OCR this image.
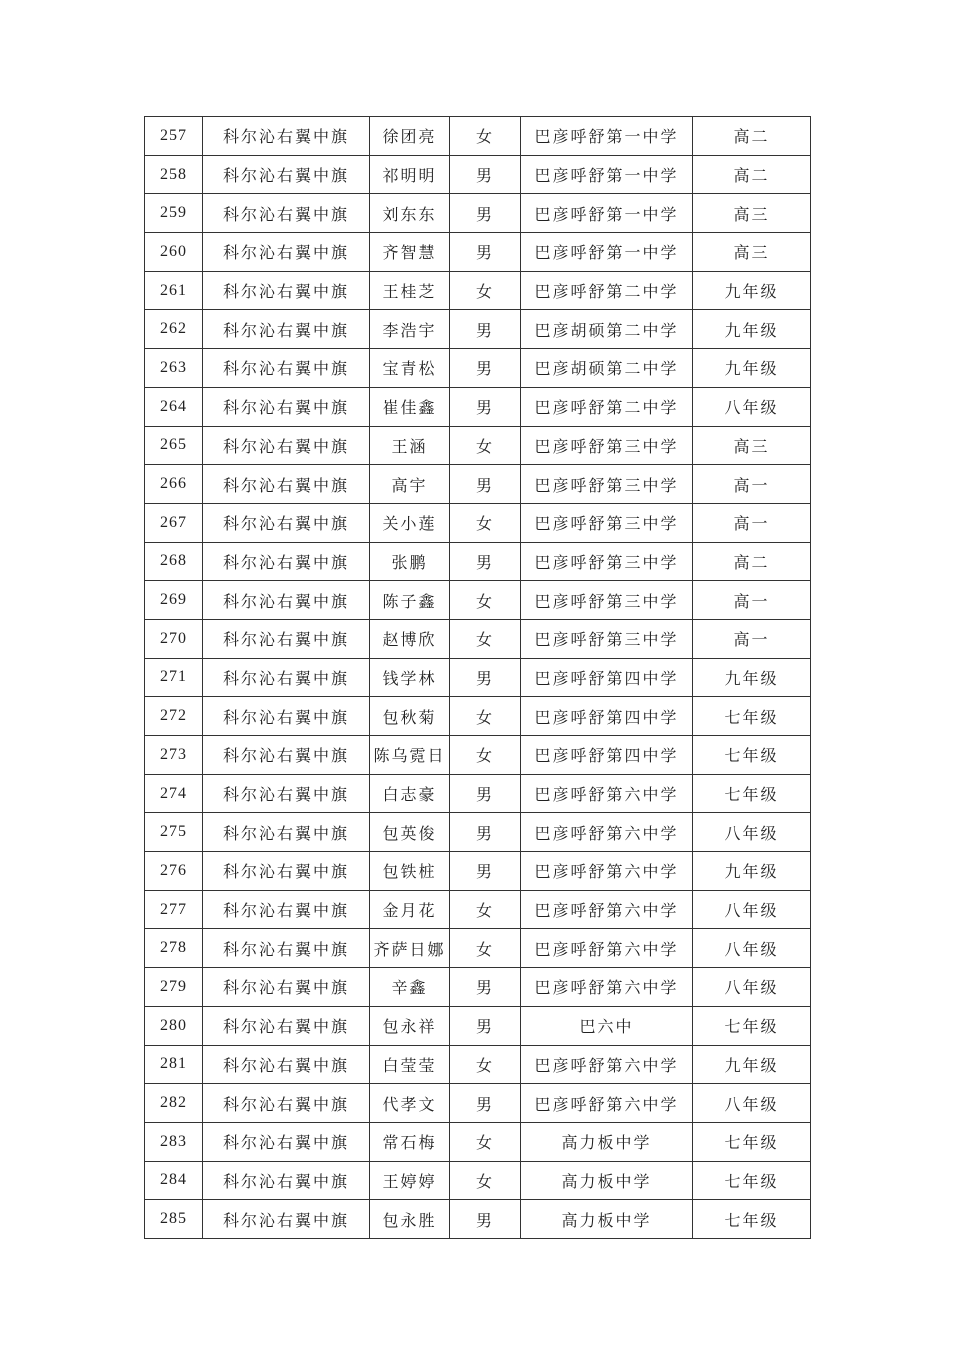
257	科尔沁右翼中旗	徐团亮	女	巴彦呼舒第一中学	高二
258	科尔沁右翼中旗	祁明明	男	巴彦呼舒第一中学	高二
259	科尔沁右翼中旗	刘东东	男	巴彦呼舒第一中学	高三
260	科尔沁右翼中旗	齐智慧	男	巴彦呼舒第一中学	高三
261	科尔沁右翼中旗	王桂芝	女	巴彦呼舒第二中学	九年级
262	科尔沁右翼中旗	李浩宇	男	巴彦胡硕第二中学	九年级
263	科尔沁右翼中旗	宝青松	男	巴彦胡硕第二中学	九年级
264	科尔沁右翼中旗	崔佳鑫	男	巴彦呼舒第二中学	八年级
265	科尔沁右翼中旗	王涵	女	巴彦呼舒第三中学	高三
266	科尔沁右翼中旗	高宇	男	巴彦呼舒第三中学	高一
267	科尔沁右翼中旗	关小莲	女	巴彦呼舒第三中学	高一
268	科尔沁右翼中旗	张鹏	男	巴彦呼舒第三中学	高二
269	科尔沁右翼中旗	陈子鑫	女	巴彦呼舒第三中学	高一
270	科尔沁右翼中旗	赵博欣	女	巴彦呼舒第三中学	高一
271	科尔沁右翼中旗	钱学林	男	巴彦呼舒第四中学	九年级
272	科尔沁右翼中旗	包秋菊	女	巴彦呼舒第四中学	七年级
273	科尔沁右翼中旗	陈乌霓日	女	巴彦呼舒第四中学	七年级
274	科尔沁右翼中旗	白志豪	男	巴彦呼舒第六中学	七年级
275	科尔沁右翼中旗	包英俊	男	巴彦呼舒第六中学	八年级
276	科尔沁右翼中旗	包铁桩	男	巴彦呼舒第六中学	九年级
277	科尔沁右翼中旗	金月花	女	巴彦呼舒第六中学	八年级
278	科尔沁右翼中旗	齐萨日娜	女	巴彦呼舒第六中学	八年级
279	科尔沁右翼中旗	辛鑫	男	巴彦呼舒第六中学	八年级
280	科尔沁右翼中旗	包永祥	男	巴六中	七年级
281	科尔沁右翼中旗	白莹莹	女	巴彦呼舒第六中学	九年级
282	科尔沁右翼中旗	代孝文	男	巴彦呼舒第六中学	八年级
283	科尔沁右翼中旗	常石梅	女	高力板中学	七年级
284	科尔沁右翼中旗	王婷婷	女	高力板中学	七年级
285	科尔沁右翼中旗	包永胜	男	高力板中学	七年级
